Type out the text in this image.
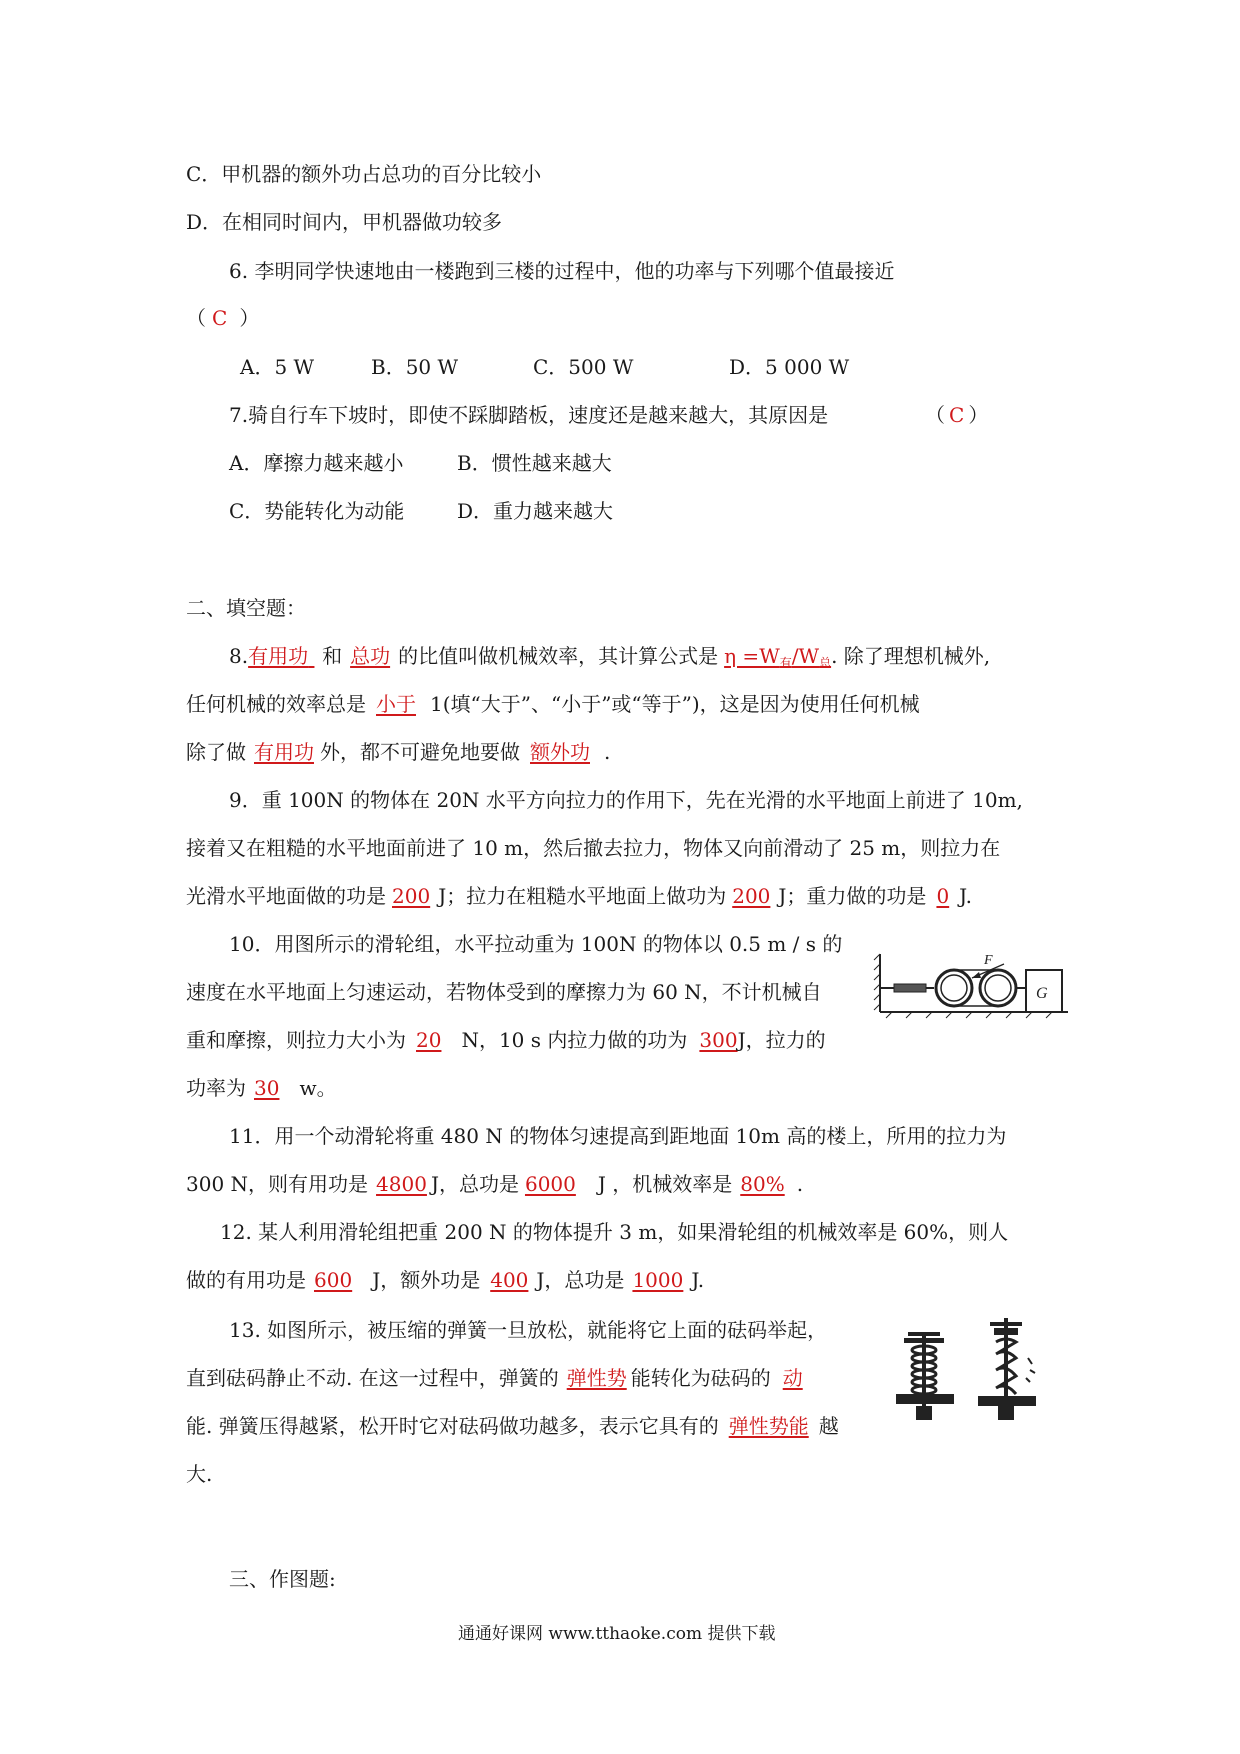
C．甲机器的额外功占总功的百分比较小
D．在相同时间内，甲机器做功较多
6. 李明同学快速地由一楼跑到三楼的过程中，他的功率与下列哪个值最接近
（ C ）
A．5 W	B．50 W	C．500 W	D．5 000 W
7.骑自行车下坡时，即使不踩脚踏板，速度还是越来越大，其原因是	（ C ）
A．摩擦力越来越小	B．惯性越来越大
C．势能转化为动能	D．重力越来越大
二、填空题：
8.有用功 和 总功 的比值叫做机械效率，其计算公式是 $\eta =W_有/W_总$. 除了理想机械外,
任何机械的效率总是 小于 1(填“大于”、“小于”或“等于”)，这是因为使用任何机械
除了做 有用功 外，都不可避免地要做 额外功 .
9．重 100N 的物体在 20N 水平方向拉力的作用下，先在光滑的水平地面上前进了 10m,
接着又在粗糙的水平地面前进了 10 m，然后撤去拉力，物体又向前滑动了 25 m，则拉力在
光滑水平地面做的功是 200 J；拉力在粗糙水平地面上做功为 200 J；重力做的功是 0 J.
10．用图所示的滑轮组，水平拉动重为 100N 的物体以 0.5 m / s 的
速度在水平地面上匀速运动，若物体受到的摩擦力为 60 N，不计机械自
重和摩擦，则拉力大小为 20 N，10 s 内拉力做的功为 300J，拉力的
功率为 30 w。
F
G
11．用一个动滑轮将重 480 N 的物体匀速提高到距地面 10m 高的楼上，所用的拉力为
300 N，则有用功是 4800 J，总功是 6000 J ，机械效率是 80% .
12. 某人利用滑轮组把重 200 N 的物体提升 3 m，如果滑轮组的机械效率是 60%，则人
做的有用功是 600 J，额外功是 400 J，总功是 1000 J.
13. 如图所示，被压缩的弹簧一旦放松，就能将它上面的砝码举起，
直到砝码静止不动. 在这一过程中，弹簧的 弹性势 能转化为砝码的 动
能. 弹簧压得越紧，松开时它对砝码做功越多，表示它具有的 弹性势能 越
大.
三、作图题:
通通好课网 www.tthaoke.com 提供下载
